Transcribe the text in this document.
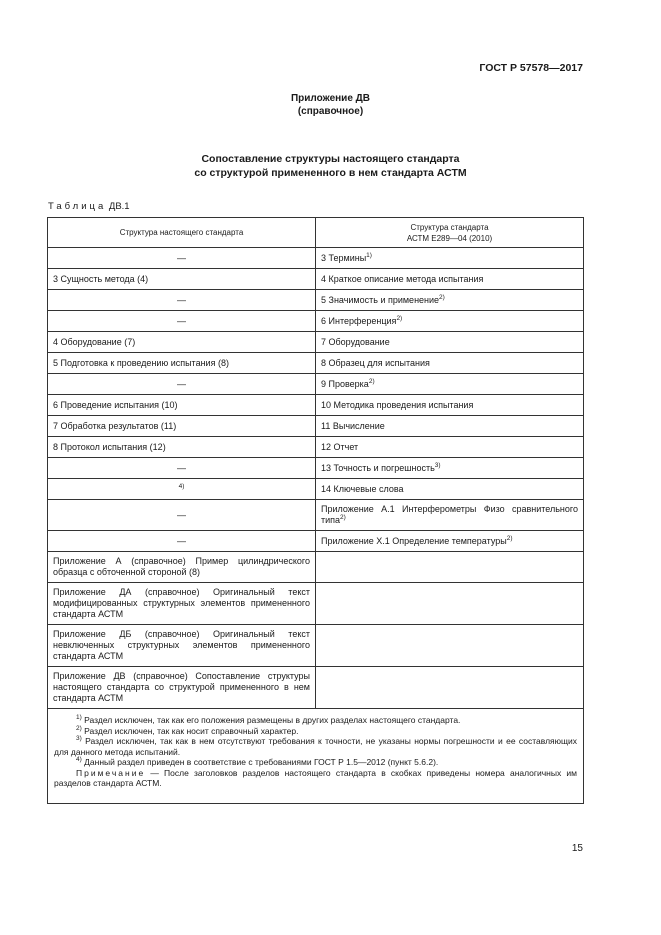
ГОСТ Р 57578—2017
Приложение ДВ
(справочное)
Сопоставление структуры настоящего стандарта
со структурой примененного в нем стандарта АСТМ
Таблица ДВ.1
Структура настоящего стандарта	Структура стандарта
АСТМ Е289—04 (2010)

—	3 Термины$^{1)}$
3 Сущность метода (4)	4 Краткое описание метода испытания
—	5 Значимость и применение$^{2)}$
—	6 Интерференция$^{2)}$
4 Оборудование (7)	7 Оборудование
5 Подготовка к проведению испытания (8)	8 Образец для испытания
—	9 Проверка$^{2)}$
6 Проведение испытания (10)	10 Методика проведения испытания
7 Обработка результатов (11)	11 Вычисление
8 Протокол испытания (12)	12 Отчет
—	13 Точность и погрешность$^{3)}$
$^{4)}$	14 Ключевые слова
—	Приложение А.1 Интерферометры Физо сравнительного типа$^{2)}$
—	Приложение Х.1 Определение температуры$^{2)}$
Приложение А (справочное) Пример цилиндрического образца с обточенной стороной (8)	
Приложение ДА (справочное) Оригинальный текст модифицированных структурных элементов примененного стандарта АСТМ	
Приложение ДБ (справочное) Оригинальный текст невключенных структурных элементов примененного стандарта АСТМ	
Приложение ДВ (справочное) Сопоставление структуры настоящего стандарта со структурой примененного в нем стандарта АСТМ	

$^{1)}$ Раздел исключен, так как его положения размещены в других разделах настоящего стандарта.
$^{2)}$ Раздел исключен, так как носит справочный характер.
$^{3)}$ Раздел исключен, так как в нем отсутствуют требования к точности, не указаны нормы погрешности и ее составляющих для данного метода испытаний.
$^{4)}$ Данный раздел приведен в соответствие с требованиями ГОСТ Р 1.5—2012 (пункт 5.6.2).
Примечание — После заголовков разделов настоящего стандарта в скобках приведены номера аналогичных им разделов стандарта АСТМ.	
15
